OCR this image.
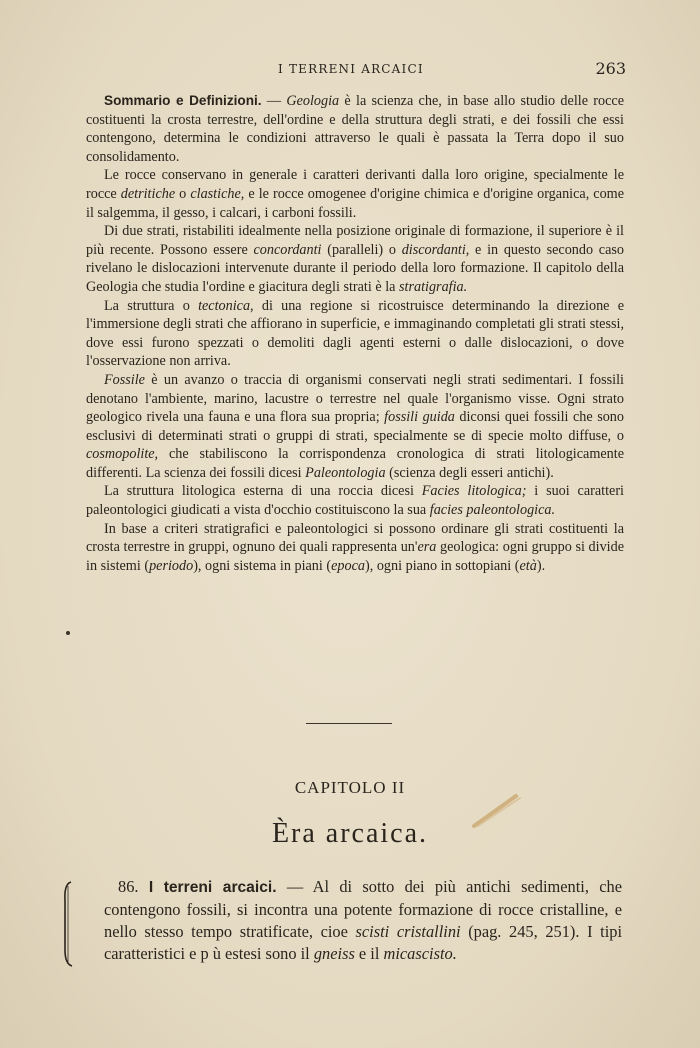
I TERRENI ARCAICI	263

Sommario e Definizioni. — Geologia è la scienza che, in base allo studio delle rocce costituenti la crosta terrestre, dell'ordine e della struttura degli strati, e dei fossili che essi contengono, determina le condizioni attraverso le quali è passata la Terra dopo il suo consolidamento.

Le rocce conservano in generale i caratteri derivanti dalla loro origine, specialmente le rocce detritiche o clastiche, e le rocce omogenee d'origine chimica e d'origine organica, come il salgemma, il gesso, i calcari, i carboni fossili.

Di due strati, ristabiliti idealmente nella posizione originale di formazione, il superiore è il più recente. Possono essere concordanti (paralleli) o discordanti, e in questo secondo caso rivelano le dislocazioni intervenute durante il periodo della loro formazione. Il capitolo della Geologia che studia l'ordine e giacitura degli strati è la stratigrafia.

La struttura o tectonica, di una regione si ricostruisce determinando la direzione e l'immersione degli strati che affiorano in superficie, e immaginando completati gli strati stessi, dove essi furono spezzati o demoliti dagli agenti esterni o dalle dislocazioni, o dove l'osservazione non arriva.

Fossile è un avanzo o traccia di organismi conservati negli strati sedimentari. I fossili denotano l'ambiente, marino, lacustre o terrestre nel quale l'organismo visse. Ogni strato geologico rivela una fauna e una flora sua propria; fossili guida diconsi quei fossili che sono esclusivi di determinati strati o gruppi di strati, specialmente se di specie molto diffuse, o cosmopolite, che stabiliscono la corrispondenza cronologica di strati litologicamente differenti. La scienza dei fossili dicesi Paleontologia (scienza degli esseri antichi).

La struttura litologica esterna di una roccia dicesi Facies litologica; i suoi caratteri paleontologici giudicati a vista d'occhio costituiscono la sua facies paleontologica.

In base a criteri stratigrafici e paleontologici si possono ordinare gli strati costituenti la crosta terrestre in gruppi, ognuno dei quali rappresenta un'era geologica: ogni gruppo si divide in sistemi (periodo), ogni sistema in piani (epoca), ogni piano in sottopiani (età).

CAPITOLO II
Èra arcaica.

86. I terreni arcaici. — Al di sotto dei più antichi sedimenti, che contengono fossili, si incontra una potente formazione di rocce cristalline, e nello stesso tempo stratificate, cioe scisti cristallini (pag. 245, 251). I tipi caratteristici e p ù estesi sono il gneiss e il micascisto.
